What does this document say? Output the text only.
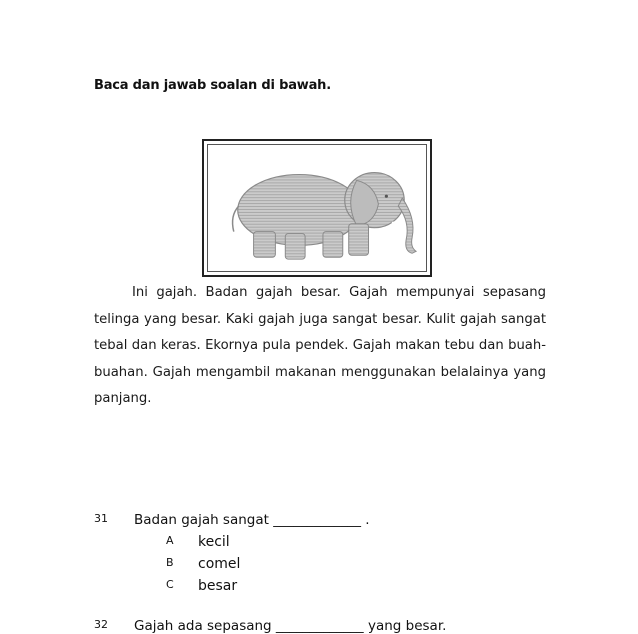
Baca dan jawab soalan di bawah.

Ini gajah. Badan gajah besar. Gajah mempunyai sepasang telinga yang besar. Kaki gajah juga sangat besar. Kulit gajah sangat tebal dan keras. Ekornya pula pendek. Gajah makan tebu dan buah-buahan. Gajah mengambil makanan menggunakan belalainya yang panjang.

31 Badan gajah sangat _____________ .
A kecil
B comel
C besar
32 Gajah ada sepasang _____________ yang besar.
